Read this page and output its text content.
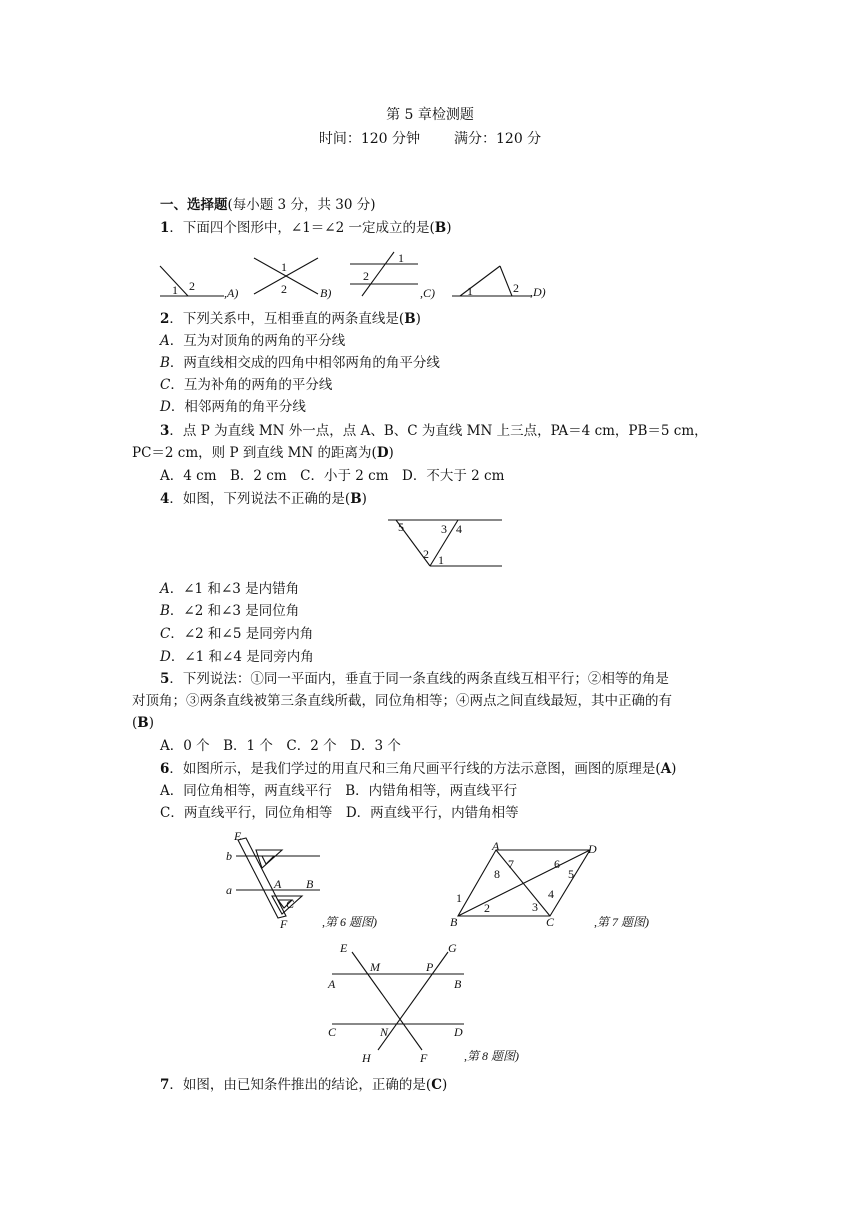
第 5 章检测题
时间：120 分钟 满分：120 分
一、选择题(每小题 3 分，共 30 分)
1．下面四个图形中，∠1＝∠2 一定成立的是(B)
1 2 ,A)
1
2	B)
1
2
,C)	1	2 ,D)
2．下列关系中，互相垂直的两条直线是(B)
A．互为对顶角的两角的平分线
B．两直线相交成的四角中相邻两角的角平分线
C．互为补角的两角的平分线
D．相邻两角的角平分线
3．点 P 为直线 MN 外一点，点 A、B、C 为直线 MN 上三点，PA＝4 cm，PB＝5 cm，
PC＝2 cm，则 P 到直线 MN 的距离为(D)
A．4 cm　B．2 cm　C．小于 2 cm　D．不大于 2 cm
4．如图，下列说法不正确的是(B)
5	3 4
2 1
A．∠1 和∠3 是内错角
B．∠2 和∠3 是同位角
C．∠2 和∠5 是同旁内角
D．∠1 和∠4 是同旁内角
5．下列说法：①同一平面内，垂直于同一条直线的两条直线互相平行；②相等的角是
对顶角；③两条直线被第三条直线所截，同位角相等；④两点之间直线最短，其中正确的有
(B)
A．0 个　B．1 个　C．2 个　D．3 个
6．如图所示，是我们学过的用直尺和三角尺画平行线的方法示意图，画图的原理是(A)
A．同位角相等，两直线平行　B．内错角相等，两直线平行
C．两直线平行，同位角相等　D．两直线平行，内错角相等
E
b
a	A B
C
F	,第 6 题图)
A	D
B	C
7	6
8	5
1
2
4
3
,第 7 题图)
E	G
M	P
A	B
C	N	D
H	F	,第 8 题图)
7．如图，由已知条件推出的结论，正确的是(C)
